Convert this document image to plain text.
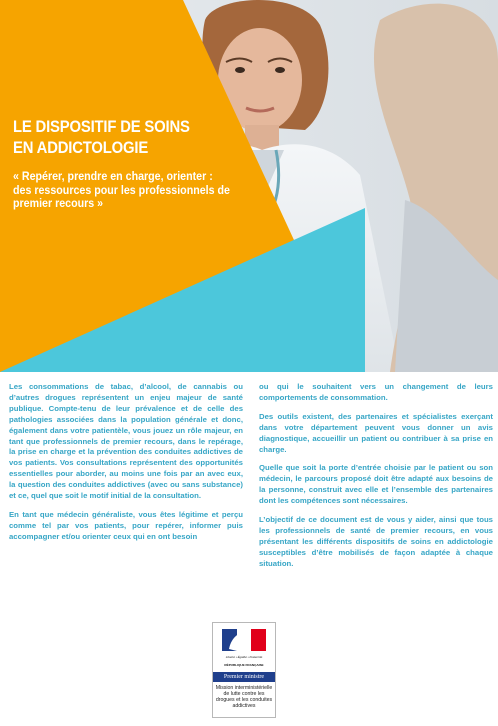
LE DISPOSITIF DE SOINS
EN ADDICTOLOGIE
« Repérer, prendre en charge, orienter : des ressources pour les professionnels de premier recours »

Les consommations de tabac, d’alcool, de cannabis ou d’autres drogues représentent un enjeu majeur de santé publique. Compte-tenu de leur prévalence et de celle des pathologies associées dans la population générale et donc, également dans votre patientèle, vous jouez un rôle majeur, en tant que professionnels de premier recours, dans le repérage, la prise en charge et la prévention des conduites addictives de vos patients. Vos consultations représentent des opportunités essentielles pour aborder, au moins une fois par an avec eux, la question des conduites addictives (avec ou sans substance) et ce, quel que soit le motif initial de la consultation.

En tant que médecin généraliste, vous êtes légitime et perçu comme tel par vos patients, pour repérer, informer puis accompagner et/ou orienter ceux qui en ont besoin

ou qui le souhaitent vers un changement de leurs comportements de consommation.

Des outils existent, des partenaires et spécialistes exerçant dans votre département peuvent vous donner un avis diagnostique, accueillir un patient ou contribuer à sa prise en charge.

Quelle que soit la porte d’entrée choisie par le patient ou son médecin, le parcours proposé doit être adapté aux besoins de la personne, construit avec elle et l’ensemble des partenaires dont les compétences sont nécessaires.

L’objectif de ce document est de vous y aider, ainsi que tous les professionnels de santé de premier recours, en vous présentant les différents dispositifs de soins en addictologie susceptibles d’être mobilisés de façon adaptée à chaque situation.

Liberté • Égalité • Fraternité
RÉPUBLIQUE FRANÇAISE
Premier ministre
Mission interministérielle de lutte contre les drogues et les conduites addictives
